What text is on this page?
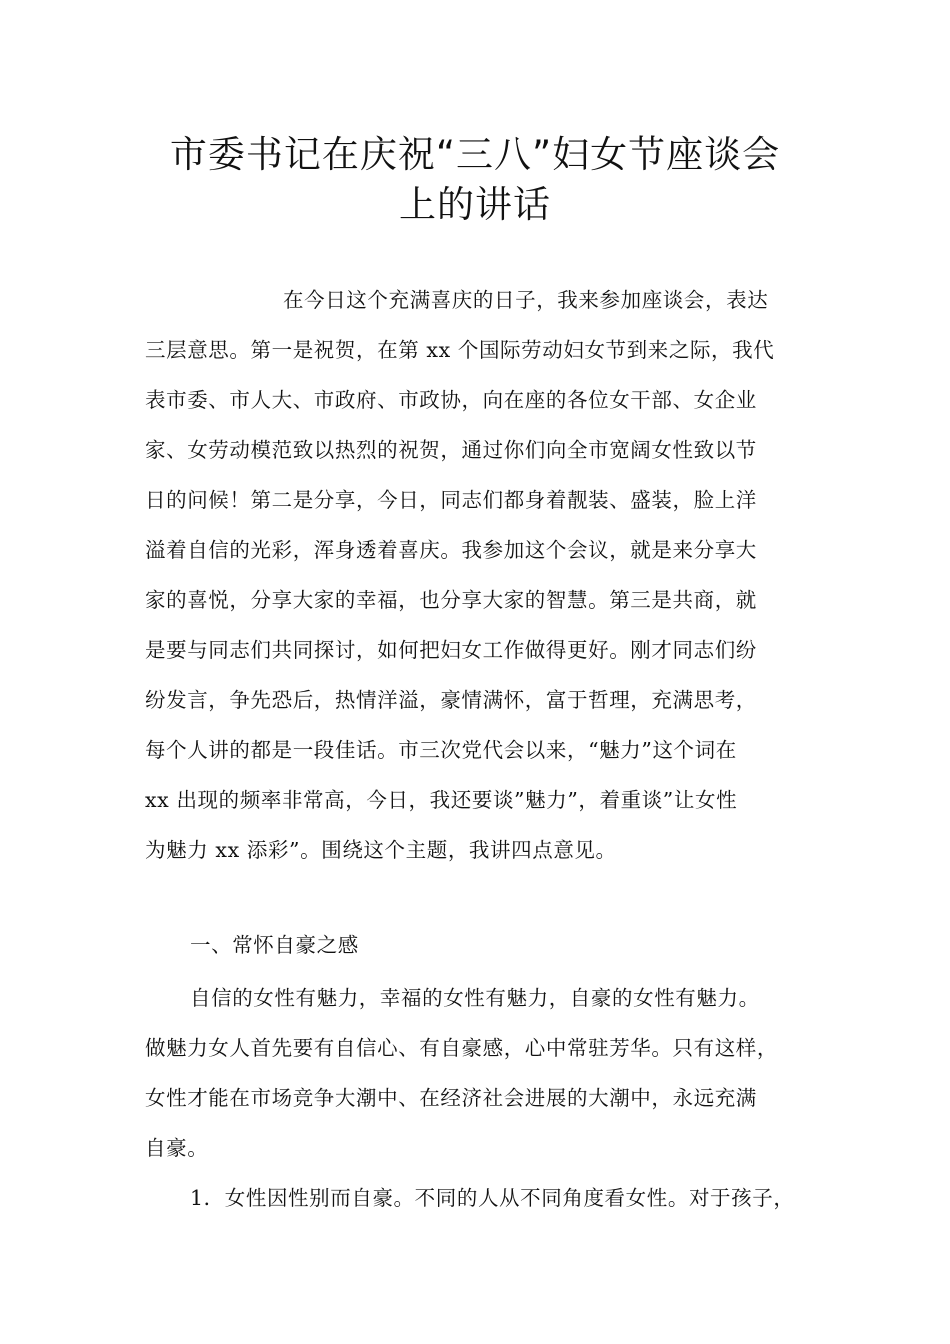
市委书记在庆祝“三八”妇女节座谈会
上的讲话
在今日这个充满喜庆的日子，我来参加座谈会，表达
三层意思。第一是祝贺，在第 xx 个国际劳动妇女节到来之际，我代
表市委、市人大、市政府、市政协，向在座的各位女干部、女企业
家、女劳动模范致以热烈的祝贺，通过你们向全市宽阔女性致以节
日的问候！第二是分享，今日，同志们都身着靓装、盛装，脸上洋
溢着自信的光彩，浑身透着喜庆。我参加这个会议，就是来分享大
家的喜悦，分享大家的幸福，也分享大家的智慧。第三是共商，就
是要与同志们共同探讨，如何把妇女工作做得更好。刚才同志们纷
纷发言，争先恐后，热情洋溢，豪情满怀，富于哲理，充满思考，
每个人讲的都是一段佳话。市三次党代会以来，“魅力”这个词在
xx 出现的频率非常高，今日，我还要谈”魅力”，着重谈”让女性
为魅力 xx 添彩”。围绕这个主题，我讲四点意见。
一、常怀自豪之感
自信的女性有魅力，幸福的女性有魅力，自豪的女性有魅力。
做魅力女人首先要有自信心、有自豪感，心中常驻芳华。只有这样，
女性才能在市场竞争大潮中、在经济社会进展的大潮中，永远充满
自豪。
1．女性因性别而自豪。不同的人从不同角度看女性。对于孩子，
